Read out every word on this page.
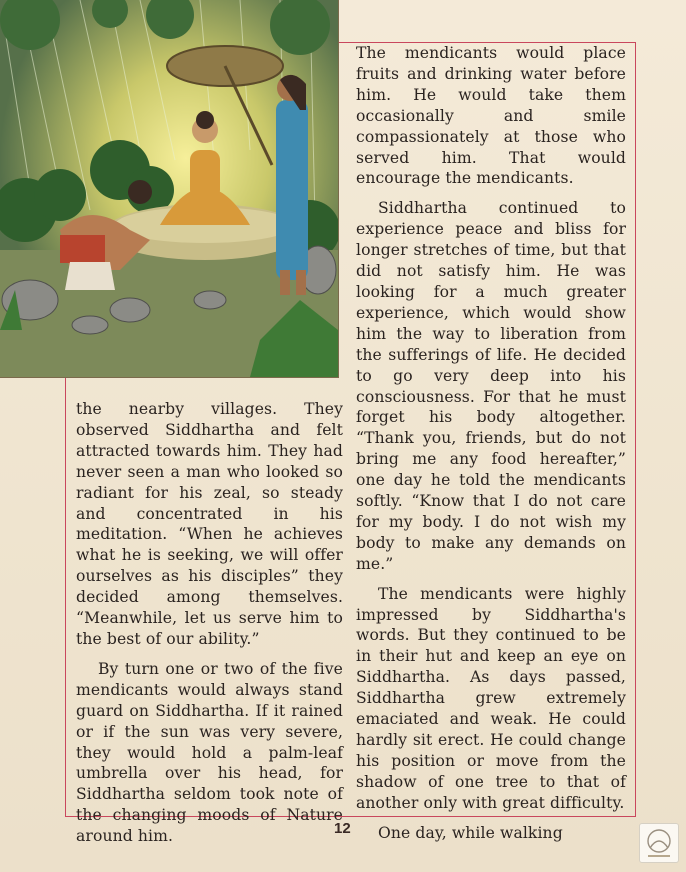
The mendicants would place fruits and drinking water before him. He would take them occasionally and smile compassionately at those who served him. That would encourage the mendicants.

Siddhartha continued to experience peace and bliss for longer stretches of time, but that did not satisfy him. He was looking for a much greater experience, which would show him the way to liberation from the sufferings of life. He decided to go very deep into his consciousness. For that he must forget his body altogether. “Thank you, friends, but do not bring me any food hereafter,” one day he told the mendicants softly. “Know that I do not care for my body. I do not wish my body to make any demands on me.”

The mendicants were highly impressed by Siddhartha's words. But they continued to be in their hut and keep an eye on Siddhartha. As days passed, Siddhartha grew extremely emaciated and weak. He could hardly sit erect. He could change his position or move from the shadow of one tree to that of another only with great difficulty.

One day, while walking

the nearby villages. They observed Siddhartha and felt attracted towards him. They had never seen a man who looked so radiant for his zeal, so steady and concentrated in his meditation. “When he achieves what he is seeking, we will offer ourselves as his disciples” they decided among themselves. “Meanwhile, let us serve him to the best of our ability.”

By turn one or two of the five mendicants would always stand guard on Siddhartha. If it rained or if the sun was very severe, they would hold a palm-leaf umbrella over his head, for Siddhartha seldom took note of the changing moods of Nature around him.	12
